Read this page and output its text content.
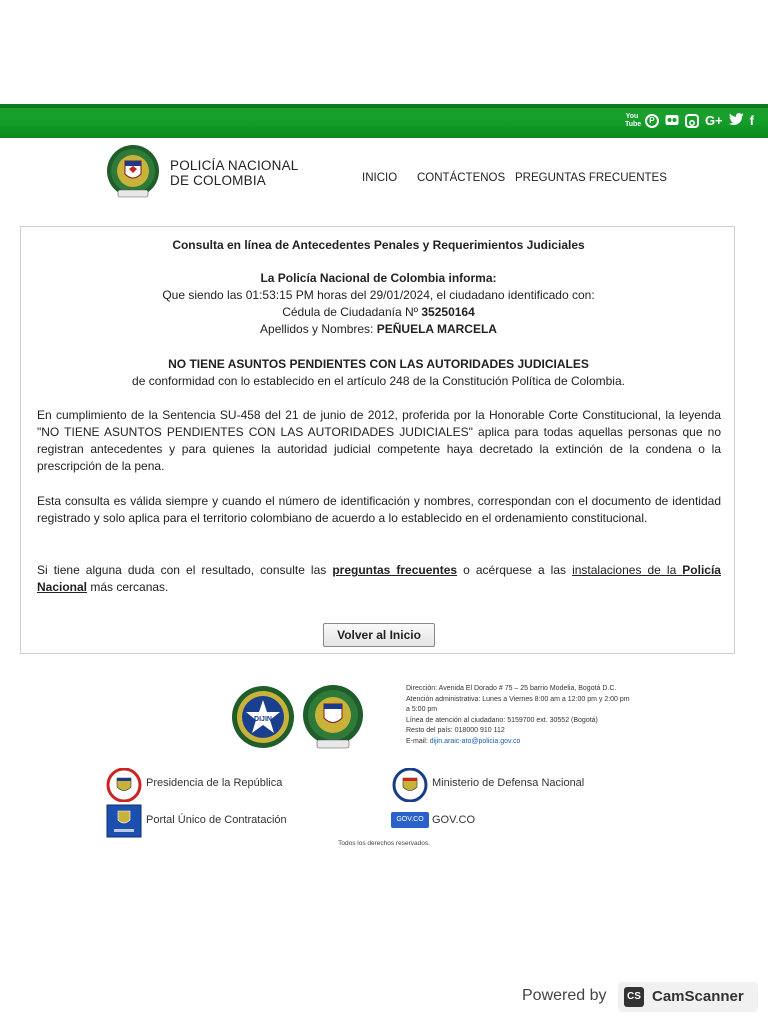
You Tube	P	G+ f
POLICÍA NACIONAL
DE COLOMBIA	INICIO CONTÁCTENOS PREGUNTAS FRECUENTES
Consulta en línea de Antecedentes Penales y Requerimientos Judiciales
La Policía Nacional de Colombia informa:
Que siendo las 01:53:15 PM horas del 29/01/2024, el ciudadano identificado con:
Cédula de Ciudadanía Nº 35250164
Apellidos y Nombres: PEÑUELA MARCELA
NO TIENE ASUNTOS PENDIENTES CON LAS AUTORIDADES JUDICIALES
de conformidad con lo establecido en el artículo 248 de la Constitución Política de Colombia.
En cumplimiento de la Sentencia SU-458 del 21 de junio de 2012, proferida por la Honorable Corte Constitucional, la leyenda "NO TIENE ASUNTOS PENDIENTES CON LAS AUTORIDADES JUDICIALES" aplica para todas aquellas personas que no registran antecedentes y para quienes la autoridad judicial competente haya decretado la extinción de la condena o la prescripción de la pena.
Esta consulta es válida siempre y cuando el número de identificación y nombres, correspondan con el documento de identidad registrado y solo aplica para el territorio colombiano de acuerdo a lo establecido en el ordenamiento constitucional.
Si tiene alguna duda con el resultado, consulte las preguntas frecuentes o acérquese a las instalaciones de la Policía Nacional más cercanas.
Volver al Inicio
DIJIN
Dirección: Avenida El Dorado # 75 – 25 barrio Modelia, Bogotá D.C.
Atención administrativa: Lunes a Viernes 8:00 am a 12:00 pm y 2:00 pm
a 5:00 pm
Línea de atención al ciudadano: 5159700 ext. 30552 (Bogotá)
Resto del país: 018000 910 112
E-mail: dijin.araic-ato@policia.gov.co
Presidencia de la República	Ministerio de Defensa Nacional
Portal Único de Contratación	GOV.CO GOV.CO
Todos los derechos reservados.
Powered by	CS CamScanner
